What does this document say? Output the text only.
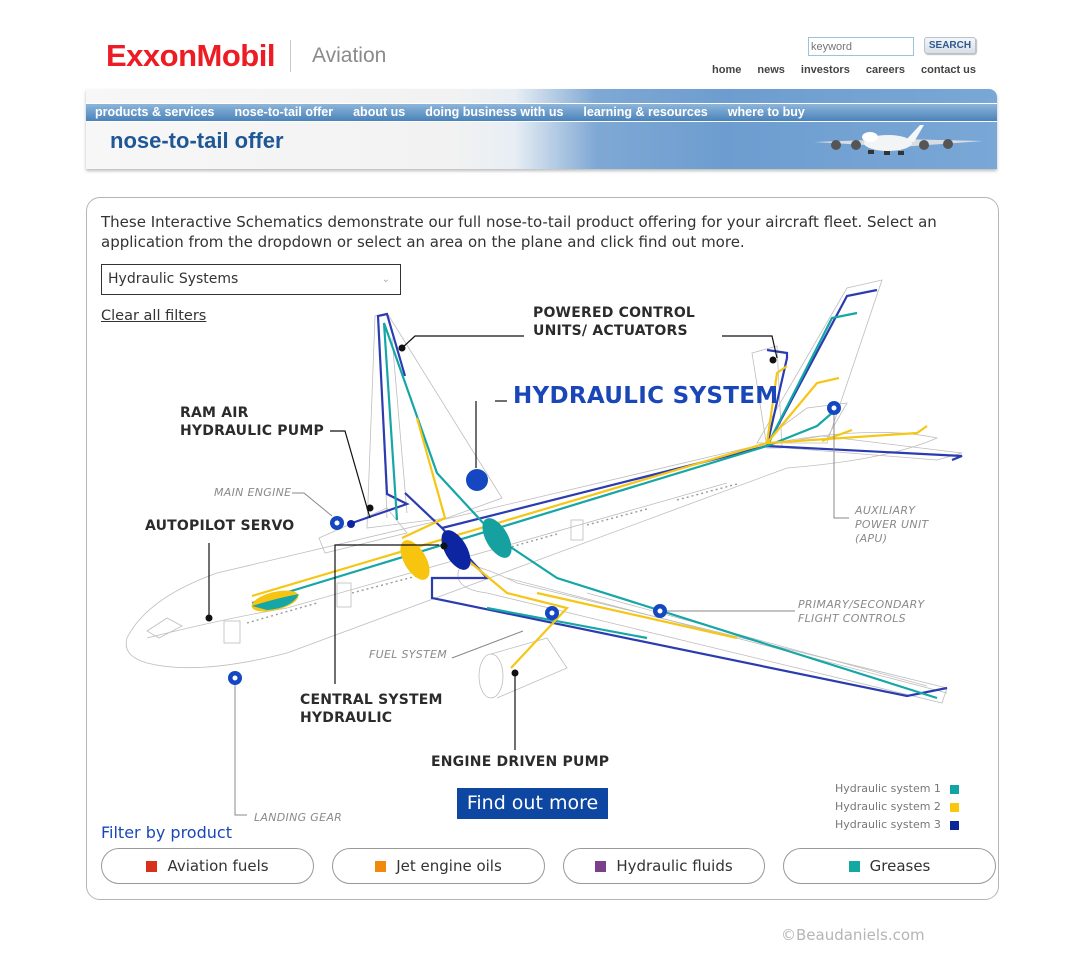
ExxonMobil Aviation
keyword	SEARCH
home news investors careers contact us
products & services nose-to-tail offer about us doing business with us learning & resources where to buy
nose-to-tail offer
These Interactive Schematics demonstrate our full nose-to-tail product offering for your aircraft fleet. Select an application from the dropdown or select an area on the plane and click find out more.
Hydraulic Systems	⌄
Clear all filters
HYDRAULIC SYSTEM
POWERED CONTROL
UNITS/ ACTUATORS
RAM AIR
HYDRAULIC PUMP
AUTOPILOT SERVO
CENTRAL SYSTEM
HYDRAULIC
ENGINE DRIVEN PUMP
MAIN ENGINE
AUXILIARY
POWER UNIT
(APU)
PRIMARY/SECONDARY
FLIGHT CONTROLS
FUEL SYSTEM
LANDING GEAR
Find out more
Hydraulic system 1
Hydraulic system 2
Hydraulic system 3
Filter by product
Aviation fuels	Jet engine oils	Hydraulic fluids	Greases
©Beaudaniels.com
